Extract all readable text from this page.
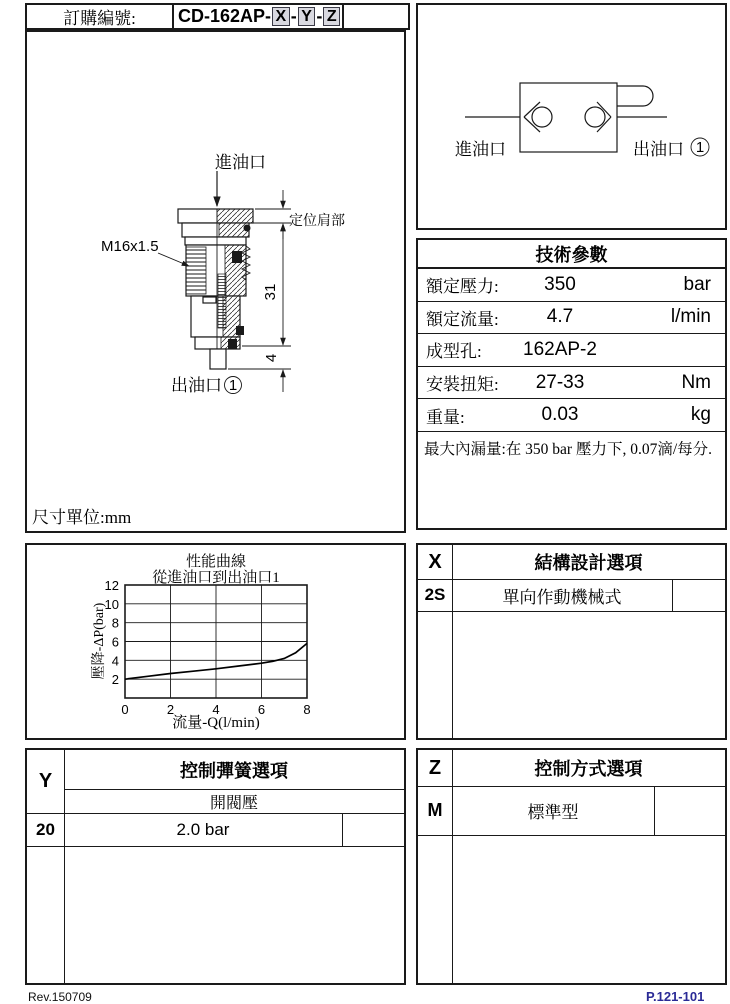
訂購編號:	CD-162AP- X - Y - Z
進油口
定位肩部
31
4
M16x1.5
出油口 1
尺寸單位:mm
進油口	出油口 1
技術參數
額定壓力:	350	bar
額定流量:	4.7	l/min
成型孔:	162AP-2
安裝扭矩:	27-33	Nm
重量:	0.03	kg
最大內漏量:在 350 bar 壓力下, 0.07滴/每分.
性能曲線
從進油口到出油口1
2
4
6
8
10
12
0	2	4	6	8
壓降-ΔP(bar)
流量-Q(l/min)
X	結構設計選項
2S	單向作動機械式
Y	控制彈簧選項
開閥壓
20	2.0 bar
Z	控制方式選項
M	標準型
Rev.150709	P.121-101
